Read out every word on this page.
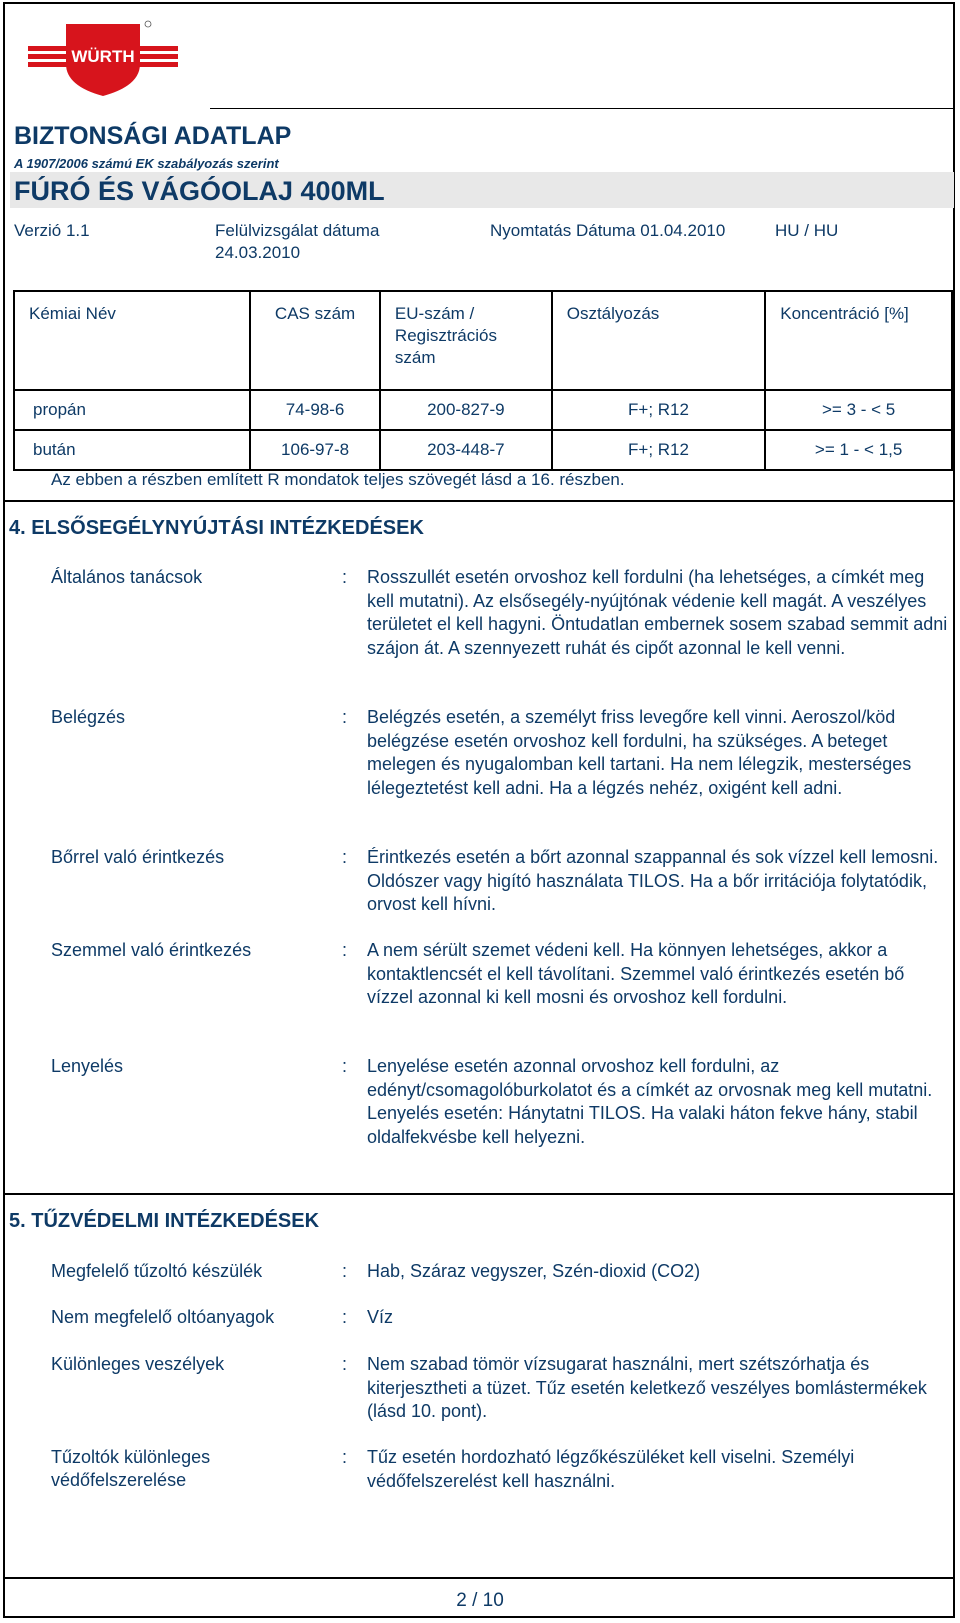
WÜRTH
BIZTONSÁGI ADATLAP
A 1907/2006 számú EK szabályozás szerint
FÚRÓ ÉS VÁGÓOLAJ 400ML
Verzió 1.1	Felülvizsgálat dátuma
24.03.2010
Nyomtatás Dátuma 01.04.2010	HU / HU
Kémiai Név	CAS szám	EU-szám / Regisztrációs szám	Osztályozás	Koncentráció [%]
propán	74-98-6	200-827-9	F+; R12	>= 3 - < 5
bután	106-97-8	203-448-7	F+; R12	>= 1 - < 1,5
Az ebben a részben említett R mondatok teljes szövegét lásd a 16. részben.
4. ELSŐSEGÉLYNYÚJTÁSI INTÉZKEDÉSEK
Általános tanácsok	: Rosszullét esetén orvoshoz kell fordulni (ha lehetséges, a címkét meg kell mutatni). Az elsősegély-nyújtónak védenie kell magát. A veszélyes területet el kell hagyni. Öntudatlan embernek sosem szabad semmit adni szájon át. A szennyezett ruhát és cipőt azonnal le kell venni.
Belégzés	: Belégzés esetén, a személyt friss levegőre kell vinni. Aeroszol/köd belégzése esetén orvoshoz kell fordulni, ha szükséges. A beteget melegen és nyugalomban kell tartani. Ha nem lélegzik, mesterséges lélegeztetést kell adni. Ha a légzés nehéz, oxigént kell adni.
Bőrrel való érintkezés	: Érintkezés esetén a bőrt azonnal szappannal és sok vízzel kell lemosni. Oldószer vagy higító használata TILOS. Ha a bőr irritációja folytatódik, orvost kell hívni.
Szemmel való érintkezés	: A nem sérült szemet védeni kell. Ha könnyen lehetséges, akkor a kontaktlencsét el kell távolítani. Szemmel való érintkezés esetén bő vízzel azonnal ki kell mosni és orvoshoz kell fordulni.
Lenyelés	: Lenyelése esetén azonnal orvoshoz kell fordulni, az edényt/csomagolóburkolatot és a címkét az orvosnak meg kell mutatni. Lenyelés esetén: Hánytatni TILOS. Ha valaki háton fekve hány, stabil oldalfekvésbe kell helyezni.
5. TŰZVÉDELMI INTÉZKEDÉSEK
Megfelelő tűzoltó készülék	: Hab, Száraz vegyszer, Szén-dioxid (CO2)
Nem megfelelő oltóanyagok	: Víz
Különleges veszélyek	: Nem szabad tömör vízsugarat használni, mert szétszórhatja és kiterjesztheti a tüzet. Tűz esetén keletkező veszélyes bomlástermékek (lásd 10. pont).
Tűzoltók különleges védőfelszerelése
: Tűz esetén hordozható légzőkészüléket kell viselni. Személyi védőfelszerelést kell használni.
2 / 10
